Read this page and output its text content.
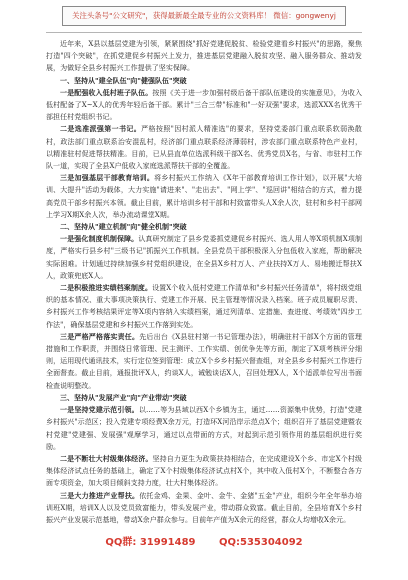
关注头条号"公文研究"，获得最新最全最专业的公文资料库！ 微信：gongwenyj

近年来，X县以基层党建为引领，紧紧围绕"抓好党建促脱贫、检验党建看乡村振兴"的思路，聚焦打造"四个突破"，在抓党建促乡村振兴上发力，推进基层党建融入脱贫攻坚、融入服务群众、推动发展，为做好全县乡村振兴工作提供了坚实保障。

一、坚持从"建全队伍"向"健强队伍"突破

一是配强收入低村班子队伍。按照《关于进一步加强村级后备干部队伍建设的实施意见》，为收入低村配备了X~X人的优秀年轻后备干部。累计"三合三带"标准和"一好双强"要求，选派XXX名优秀干部担任村党组织书记。

二是选准派强第一书记。严格按照"因村派人精准选"的要求，坚持党委部门重点联系软弱涣散村，政法部门重点联系治安混乱村，经济部门重点联系经济薄弱村，涉农部门重点联系特色产业村，以精准驻村促进帮扶精准。目前，已从县直单位选派科级干部X名、优秀党员X名，与省、市驻村工作队一道，实现了全县X户低收入家庭选派帮扶干部的全覆盖。

三是加强基层干部教育培训。将乡村振兴工作纳入《X年干部教育培训工作计划》，以开展"大培训、大提升"活动为载体，大力实施"请进来"、"走出去"、"网上学"、"巡回讲"相结合的方式，着力提高党员干部乡村振兴本领。截止目前，累计培训乡村干部和村致富带头人X余人次，驻村和乡村干部网上学习X期X余人次，举办流动课堂X期。

二、坚持从"建立机制"向"健全机制"突破

一是强化制度机制保障。认真研究制定了县乡党委抓党建促乡村振兴、选人用人等X项机制X项制度，严格实行县乡村"三级书记"抓振兴工作机制。全县党员干部积极深入分包低收入家庭，帮助解决实际困难。计划通过持续加强乡村党组织建设，在全县X乡村万人、产业扶持X万人、易地搬迁帮扶X人，政策兜底X人。

二是积极推进实绩档案制度。设置X个收入低村党建工作清单和"乡村振兴任务清单"，将村级党组织的基本情况、重大事项决策执行、党建工作开展、民主管理等情况录入档案。班子成员履职尽责、乡村振兴工作考核结果评定等X项内容纳入实绩档案，通过列清单、定措施、查进度、考绩效"四步工作法"，确保基层党建和乡村振兴工作落到实处。

三是严格严格落实责任。先后出台《X县驻村第一书记管理办法》，明确驻村干部X个方面的管理措施和工作职责，并围绕日常管理、民主测评、工作实绩、创优争先等方面，制定了X项考核评分细则，运用现代通讯技术，实行定位签到管理：成立X个乡乡村振兴督查组，对全县乡乡村振兴工作进行全面督查。截止目前，通报批评X人，约谈X人，诫勉谈话X人，召回处理X人，X个适派单位写出书面检查说明整改。

三、坚持从"发展产业"向"产业带动"突破

一是坚持党建示范引领。以……等为县域以西X个乡镇为主，通过……资源集中优势，打造"党建乡村振兴"示范区；投入党建专项经费X余万元，打造环X河沿岸示范点X个；组织召开了基层党建暨农村党建"党建强、发展强"观摩学习，通过以点带面的方式，对起到示范引领作用的基层组织进行奖励。

二是不断壮大村级集体经济。坚持自力更生为政策扶持相结合，在完成建设X个乡、市定X个村级集体经济试点任务的基础上，确定了X个村级集体经济试点村X个，其中收入低村X个，不断整合各方面专项资金，加大项目倾斜支持力度，壮大村集体经济。

三是大力推进产业帮扶。依托金鸡、金果、金叶、金牛、金猪"五金"产业，组织今年全年举办培训班X期，培训X人以及党员致富能力，带头发展产业，带动群众致富。截止目前，全县培育X个乡村振兴产业发展示范基地，带动X余户群众参与。目前年产值为X余元的经营，群众人均增收X余元。

QQ群: 31991489 QQ:535304092
